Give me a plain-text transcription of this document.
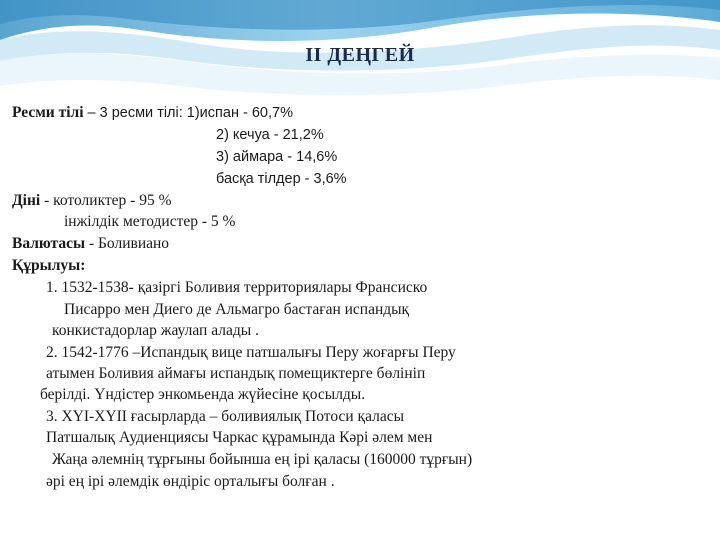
II ДЕҢГЕЙ
Ресми тілі – 3 ресми тілі: 1)испан - 60,7%
2) кечуа - 21,2%
3) аймара - 14,6%
басқа тілдер - 3,6%
Діні - котоликтер - 95 %
інжілдік методистер - 5 %
Валютасы - Боливиано
Құрылуы:
1. 1532-1538- қазіргі Боливия территориялары Франсиско
Писарро мен Диего де Альмагро бастаған испандық
конкистадорлар жаулап алады .
2. 1542-1776 –Испандық вице патшалығы Перу жоғарғы Перу
атымен Боливия аймағы испандық помещиктерге бөлініп
берілді. Үндістер энкомьенда жүйесіне қосылды.
3. XYI-XYII ғасырларда – боливиялық Потоси қаласы
Патшалық Аудиенциясы Чаркас құрамында Кәрі әлем мен
Жаңа әлемнің тұрғыны бойынша ең ірі қаласы (160000 тұрғын)
әрі ең ірі әлемдік өндіріс орталығы болған .
